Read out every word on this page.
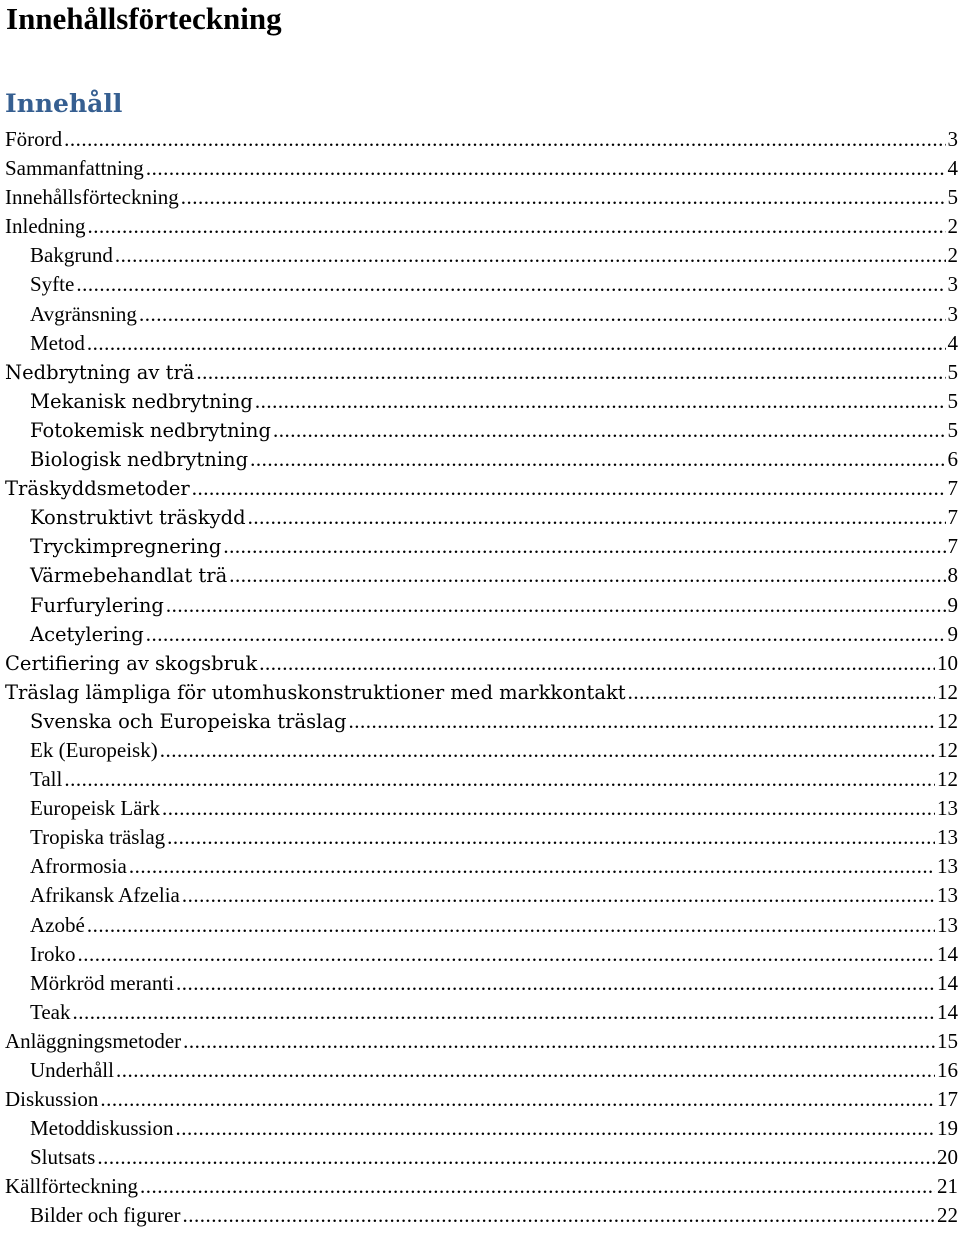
Innehållsförteckning
Innehåll
Förord .....	3
Sammanfattning .....	4
Innehållsförteckning .....	5
Inledning .....	2
Bakgrund .....	2
Syfte .....	3
Avgränsning .....	3
Metod .....	4
Nedbrytning av trä .....	5
Mekanisk nedbrytning .....	5
Fotokemisk nedbrytning .....	5
Biologisk nedbrytning .....	6
Träskyddsmetoder .....	7
Konstruktivt träskydd .....	7
Tryckimpregnering .....	7
Värmebehandlat trä .....	8
Furfurylering .....	9
Acetylering .....	9
Certifiering av skogsbruk .....	10
Träslag lämpliga för utomhuskonstruktioner med markkontakt .....	12
Svenska och Europeiska träslag .....	12
Ek (Europeisk) .....	12
Tall .....	12
Europeisk Lärk .....	13
Tropiska träslag .....	13
Afrormosia .....	13
Afrikansk Afzelia .....	13
Azobé .....	13
Iroko .....	14
Mörkröd meranti .....	14
Teak .....	14
Anläggningsmetoder .....	15
Underhåll .....	16
Diskussion .....	17
Metoddiskussion .....	19
Slutsats .....	20
Källförteckning .....	21
Bilder och figurer .....	22
